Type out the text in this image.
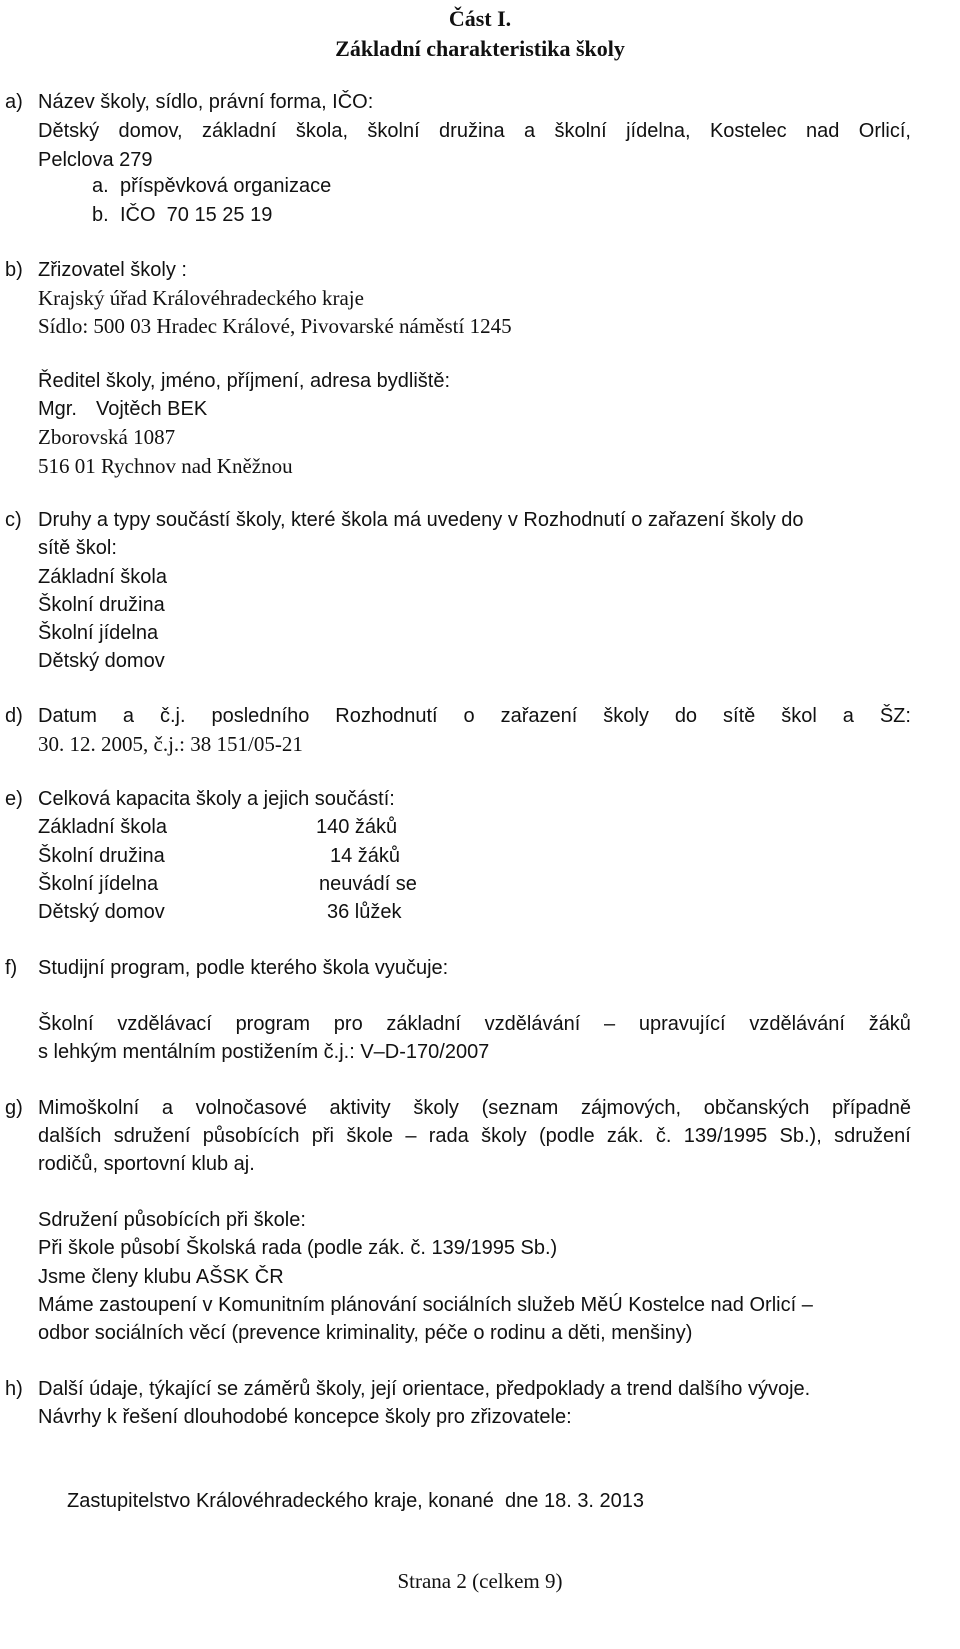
Část I.
Základní charakteristika školy
a) Název školy, sídlo, právní forma, IČO:
Dětský domov, základní škola, školní družina a školní jídelna, Kostelec nad Orlicí,
Pelclova 279
a. příspěvková organizace
b. IČO  70 15 25 19
b) Zřizovatel školy :
Krajský úřad Královéhradeckého kraje
Sídlo: 500 03 Hradec Králové, Pivovarské náměstí 1245
Ředitel školy, jméno, příjmení, adresa bydliště:
Mgr. Vojtěch BEK
Zborovská 1087
516 01 Rychnov nad Kněžnou
c) Druhy a typy součástí školy, které škola má uvedeny v Rozhodnutí o zařazení školy do
sítě škol:
Základní škola
Školní družina
Školní jídelna
Dětský domov
d) Datum a č.j. posledního Rozhodnutí o zařazení školy do sítě škol a ŠZ:
30. 12. 2005, č.j.: 38 151/05-21
e) Celková kapacita školy a jejich součástí:
Základní škola	140 žáků
Školní družina	14 žáků
Školní jídelna	neuvádí se
Dětský domov	36 lůžek
f) Studijní program, podle kterého škola vyučuje:
Školní vzdělávací program pro základní vzdělávání – upravující vzdělávání žáků
s lehkým mentálním postižením č.j.: V–D-170/2007
g) Mimoškolní a volnočasové aktivity školy (seznam zájmových, občanských případně
dalších sdružení působících při škole – rada školy (podle zák. č. 139/1995 Sb.), sdružení
rodičů, sportovní klub aj.
Sdružení působících při škole:
Při škole působí Školská rada (podle zák. č. 139/1995 Sb.)
Jsme členy klubu AŠSK ČR
Máme zastoupení v Komunitním plánování sociálních služeb MěÚ Kostelce nad Orlicí –
odbor sociálních věcí (prevence kriminality, péče o rodinu a děti, menšiny)
h) Další údaje, týkající se záměrů školy, její orientace, předpoklady a trend dalšího vývoje.
Návrhy k řešení dlouhodobé koncepce školy pro zřizovatele:
Zastupitelstvo Královéhradeckého kraje, konané  dne 18. 3. 2013
Strana 2 (celkem 9)
